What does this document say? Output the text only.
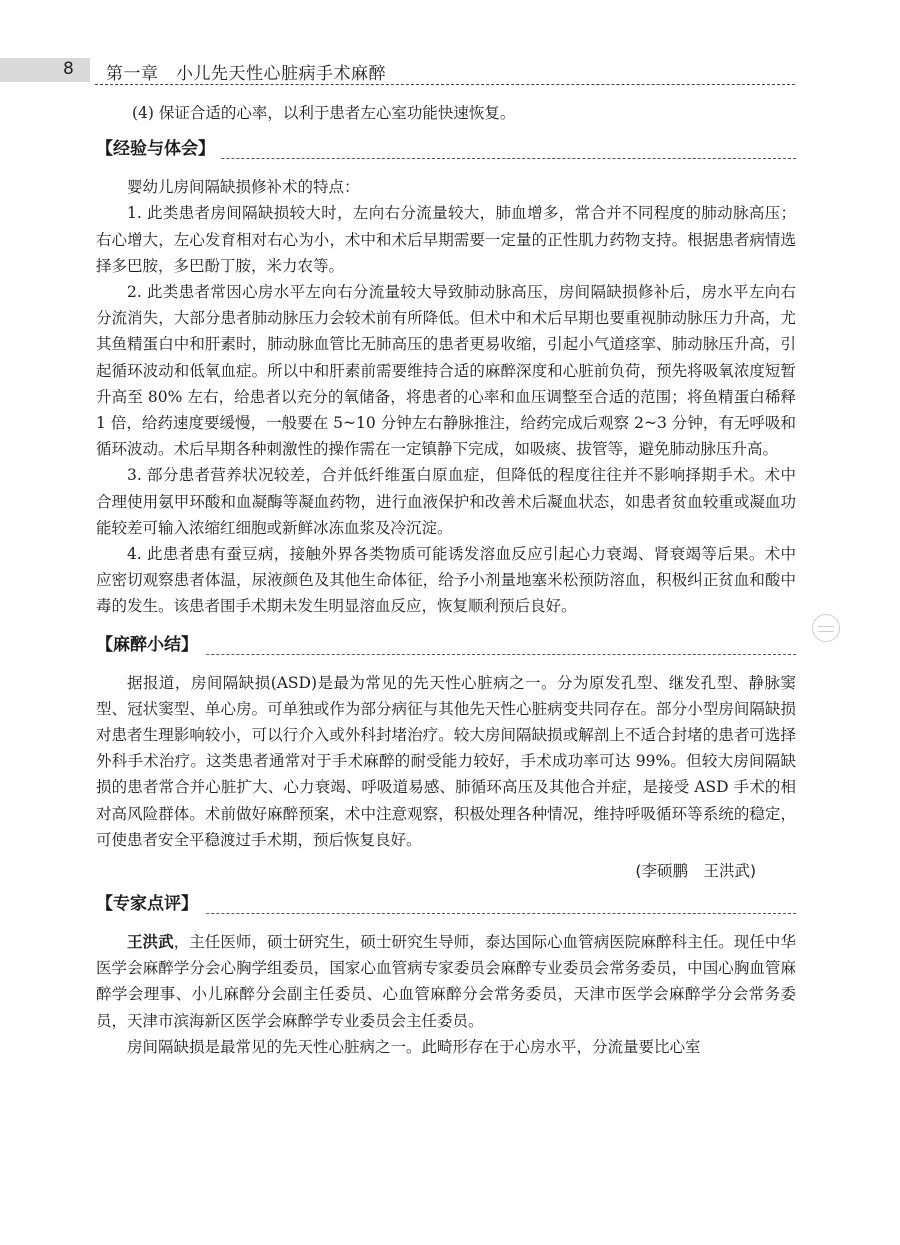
8 第一章　小儿先天性心脏病手术麻醉

(4) 保证合适的心率，以利于患者左心室功能快速恢复。

【经验与体会】

婴幼儿房间隔缺损修补术的特点：

1. 此类患者房间隔缺损较大时，左向右分流量较大，肺血增多，常合并不同程度的肺动脉高压；右心增大，左心发育相对右心为小，术中和术后早期需要一定量的正性肌力药物支持。根据患者病情选择多巴胺，多巴酚丁胺，米力农等。

2. 此类患者常因心房水平左向右分流量较大导致肺动脉高压，房间隔缺损修补后，房水平左向右分流消失，大部分患者肺动脉压力会较术前有所降低。但术中和术后早期也要重视肺动脉压力升高，尤其鱼精蛋白中和肝素时，肺动脉血管比无肺高压的患者更易收缩，引起小气道痉挛、肺动脉压升高，引起循环波动和低氧血症。所以中和肝素前需要维持合适的麻醉深度和心脏前负荷，预先将吸氧浓度短暂升高至 80% 左右，给患者以充分的氧储备，将患者的心率和血压调整至合适的范围；将鱼精蛋白稀释 1 倍，给药速度要缓慢，一般要在 5~10 分钟左右静脉推注，给药完成后观察 2~3 分钟，有无呼吸和循环波动。术后早期各种刺激性的操作需在一定镇静下完成，如吸痰、拔管等，避免肺动脉压升高。

3. 部分患者营养状况较差，合并低纤维蛋白原血症，但降低的程度往往并不影响择期手术。术中合理使用氨甲环酸和血凝酶等凝血药物，进行血液保护和改善术后凝血状态，如患者贫血较重或凝血功能较差可输入浓缩红细胞或新鲜冰冻血浆及冷沉淀。

4. 此患者患有蚕豆病，接触外界各类物质可能诱发溶血反应引起心力衰竭、肾衰竭等后果。术中应密切观察患者体温，尿液颜色及其他生命体征，给予小剂量地塞米松预防溶血，积极纠正贫血和酸中毒的发生。该患者围手术期未发生明显溶血反应，恢复顺利预后良好。

【麻醉小结】

据报道，房间隔缺损(ASD)是最为常见的先天性心脏病之一。分为原发孔型、继发孔型、静脉窦型、冠状窦型、单心房。可单独或作为部分病征与其他先天性心脏病变共同存在。部分小型房间隔缺损对患者生理影响较小，可以行介入或外科封堵治疗。较大房间隔缺损或解剖上不适合封堵的患者可选择外科手术治疗。这类患者通常对于手术麻醉的耐受能力较好，手术成功率可达 99%。但较大房间隔缺损的患者常合并心脏扩大、心力衰竭、呼吸道易感、肺循环高压及其他合并症，是接受 ASD 手术的相对高风险群体。术前做好麻醉预案，术中注意观察，积极处理各种情况，维持呼吸循环等系统的稳定，可使患者安全平稳渡过手术期，预后恢复良好。

(李硕鹏　王洪武)
【专家点评】

王洪武，主任医师，硕士研究生，硕士研究生导师，泰达国际心血管病医院麻醉科主任。现任中华医学会麻醉学分会心胸学组委员，国家心血管病专家委员会麻醉专业委员会常务委员，中国心胸血管麻醉学会理事、小儿麻醉分会副主任委员、心血管麻醉分会常务委员，天津市医学会麻醉学分会常务委员，天津市滨海新区医学会麻醉学专业委员会主任委员。

房间隔缺损是最常见的先天性心脏病之一。此畸形存在于心房水平，分流量要比心室
